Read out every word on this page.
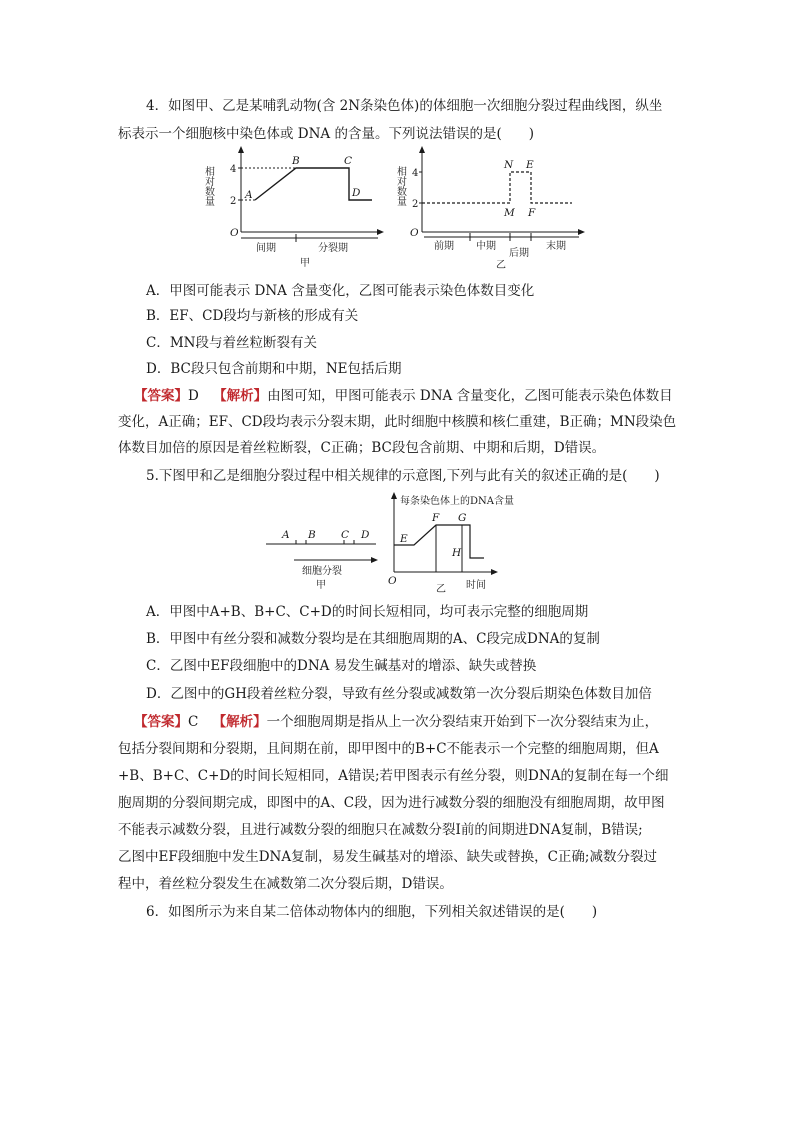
4．如图甲、乙是某哺乳动物(含 2N条染色体)的体细胞一次细胞分裂过程曲线图，纵坐
标表示一个细胞核中染色体或 DNA 的含量。下列说法错误的是(　　)
相对数量 4
2
O
A
B	C
D
间期	分裂期
甲
相对数量 4
2
O
N E
M F
前期 中期
后期
末期
乙
A．甲图可能表示 DNA 含量变化，乙图可能表示染色体数目变化
B．EF、CD段均与新核的形成有关
C．MN段与着丝粒断裂有关
D．BC段只包含前期和中期，NE包括后期
【答案】D 【解析】由图可知，甲图可能表示 DNA 含量变化，乙图可能表示染色体数目
变化，A正确；EF、CD段均表示分裂末期，此时细胞中核膜和核仁重建，B正确；MN段染色
体数目加倍的原因是着丝粒断裂，C正确；BC段包含前期、中期和后期，D错误。
5.下图甲和乙是细胞分裂过程中相关规律的示意图,下列与此有关的叙述正确的是(　　)
A B C D
细胞分裂
甲
每条染色体上的DNA含量
E
F G
H
O
乙 时间
A．甲图中A+B、B+C、C+D的时间长短相同，均可表示完整的细胞周期
B．甲图中有丝分裂和减数分裂均是在其细胞周期的A、C段完成DNA的复制
C．乙图中EF段细胞中的DNA 易发生碱基对的增添、缺失或替换
D．乙图中的GH段着丝粒分裂，导致有丝分裂或减数第一次分裂后期染色体数目加倍
【答案】C 【解析】一个细胞周期是指从上一次分裂结束开始到下一次分裂结束为止，
包括分裂间期和分裂期，且间期在前，即甲图中的B+C不能表示一个完整的细胞周期，但A
+B、B+C、C+D的时间长短相同，A错误;若甲图表示有丝分裂，则DNA的复制在每一个细
胞周期的分裂间期完成，即图中的A、C段，因为进行减数分裂的细胞没有细胞周期，故甲图
不能表示减数分裂，且进行减数分裂的细胞只在减数分裂Ⅰ前的间期进DNA复制，B错误;
乙图中EF段细胞中发生DNA复制，易发生碱基对的增添、缺失或替换，C正确;减数分裂过
程中，着丝粒分裂发生在减数第二次分裂后期，D错误。
6．如图所示为来自某二倍体动物体内的细胞，下列相关叙述错误的是(　　)
